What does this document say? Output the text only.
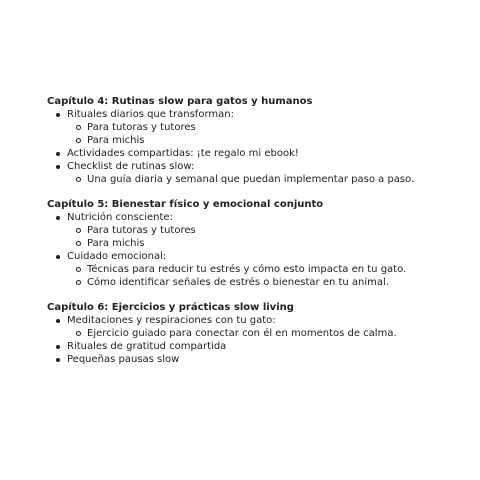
Capítulo 4: Rutinas slow para gatos y humanos
Rituales diarios que transforman:
Para tutoras y tutores
Para michis
Actividades compartidas: ¡te regalo mi ebook!
Checklist de rutinas slow:
Una guía diaria y semanal que puedan implementar paso a paso.
Capítulo 5: Bienestar físico y emocional conjunto
Nutrición consciente:
Para tutoras y tutores
Para michis
Cuidado emocional:
Técnicas para reducir tu estrés y cómo esto impacta en tu gato.
Cómo identificar señales de estrés o bienestar en tu animal.
Capítulo 6: Ejercicios y prácticas slow living
Meditaciones y respiraciones con tu gato:
Ejercicio guiado para conectar con él en momentos de calma.
Rituales de gratitud compartida
Pequeñas pausas slow
